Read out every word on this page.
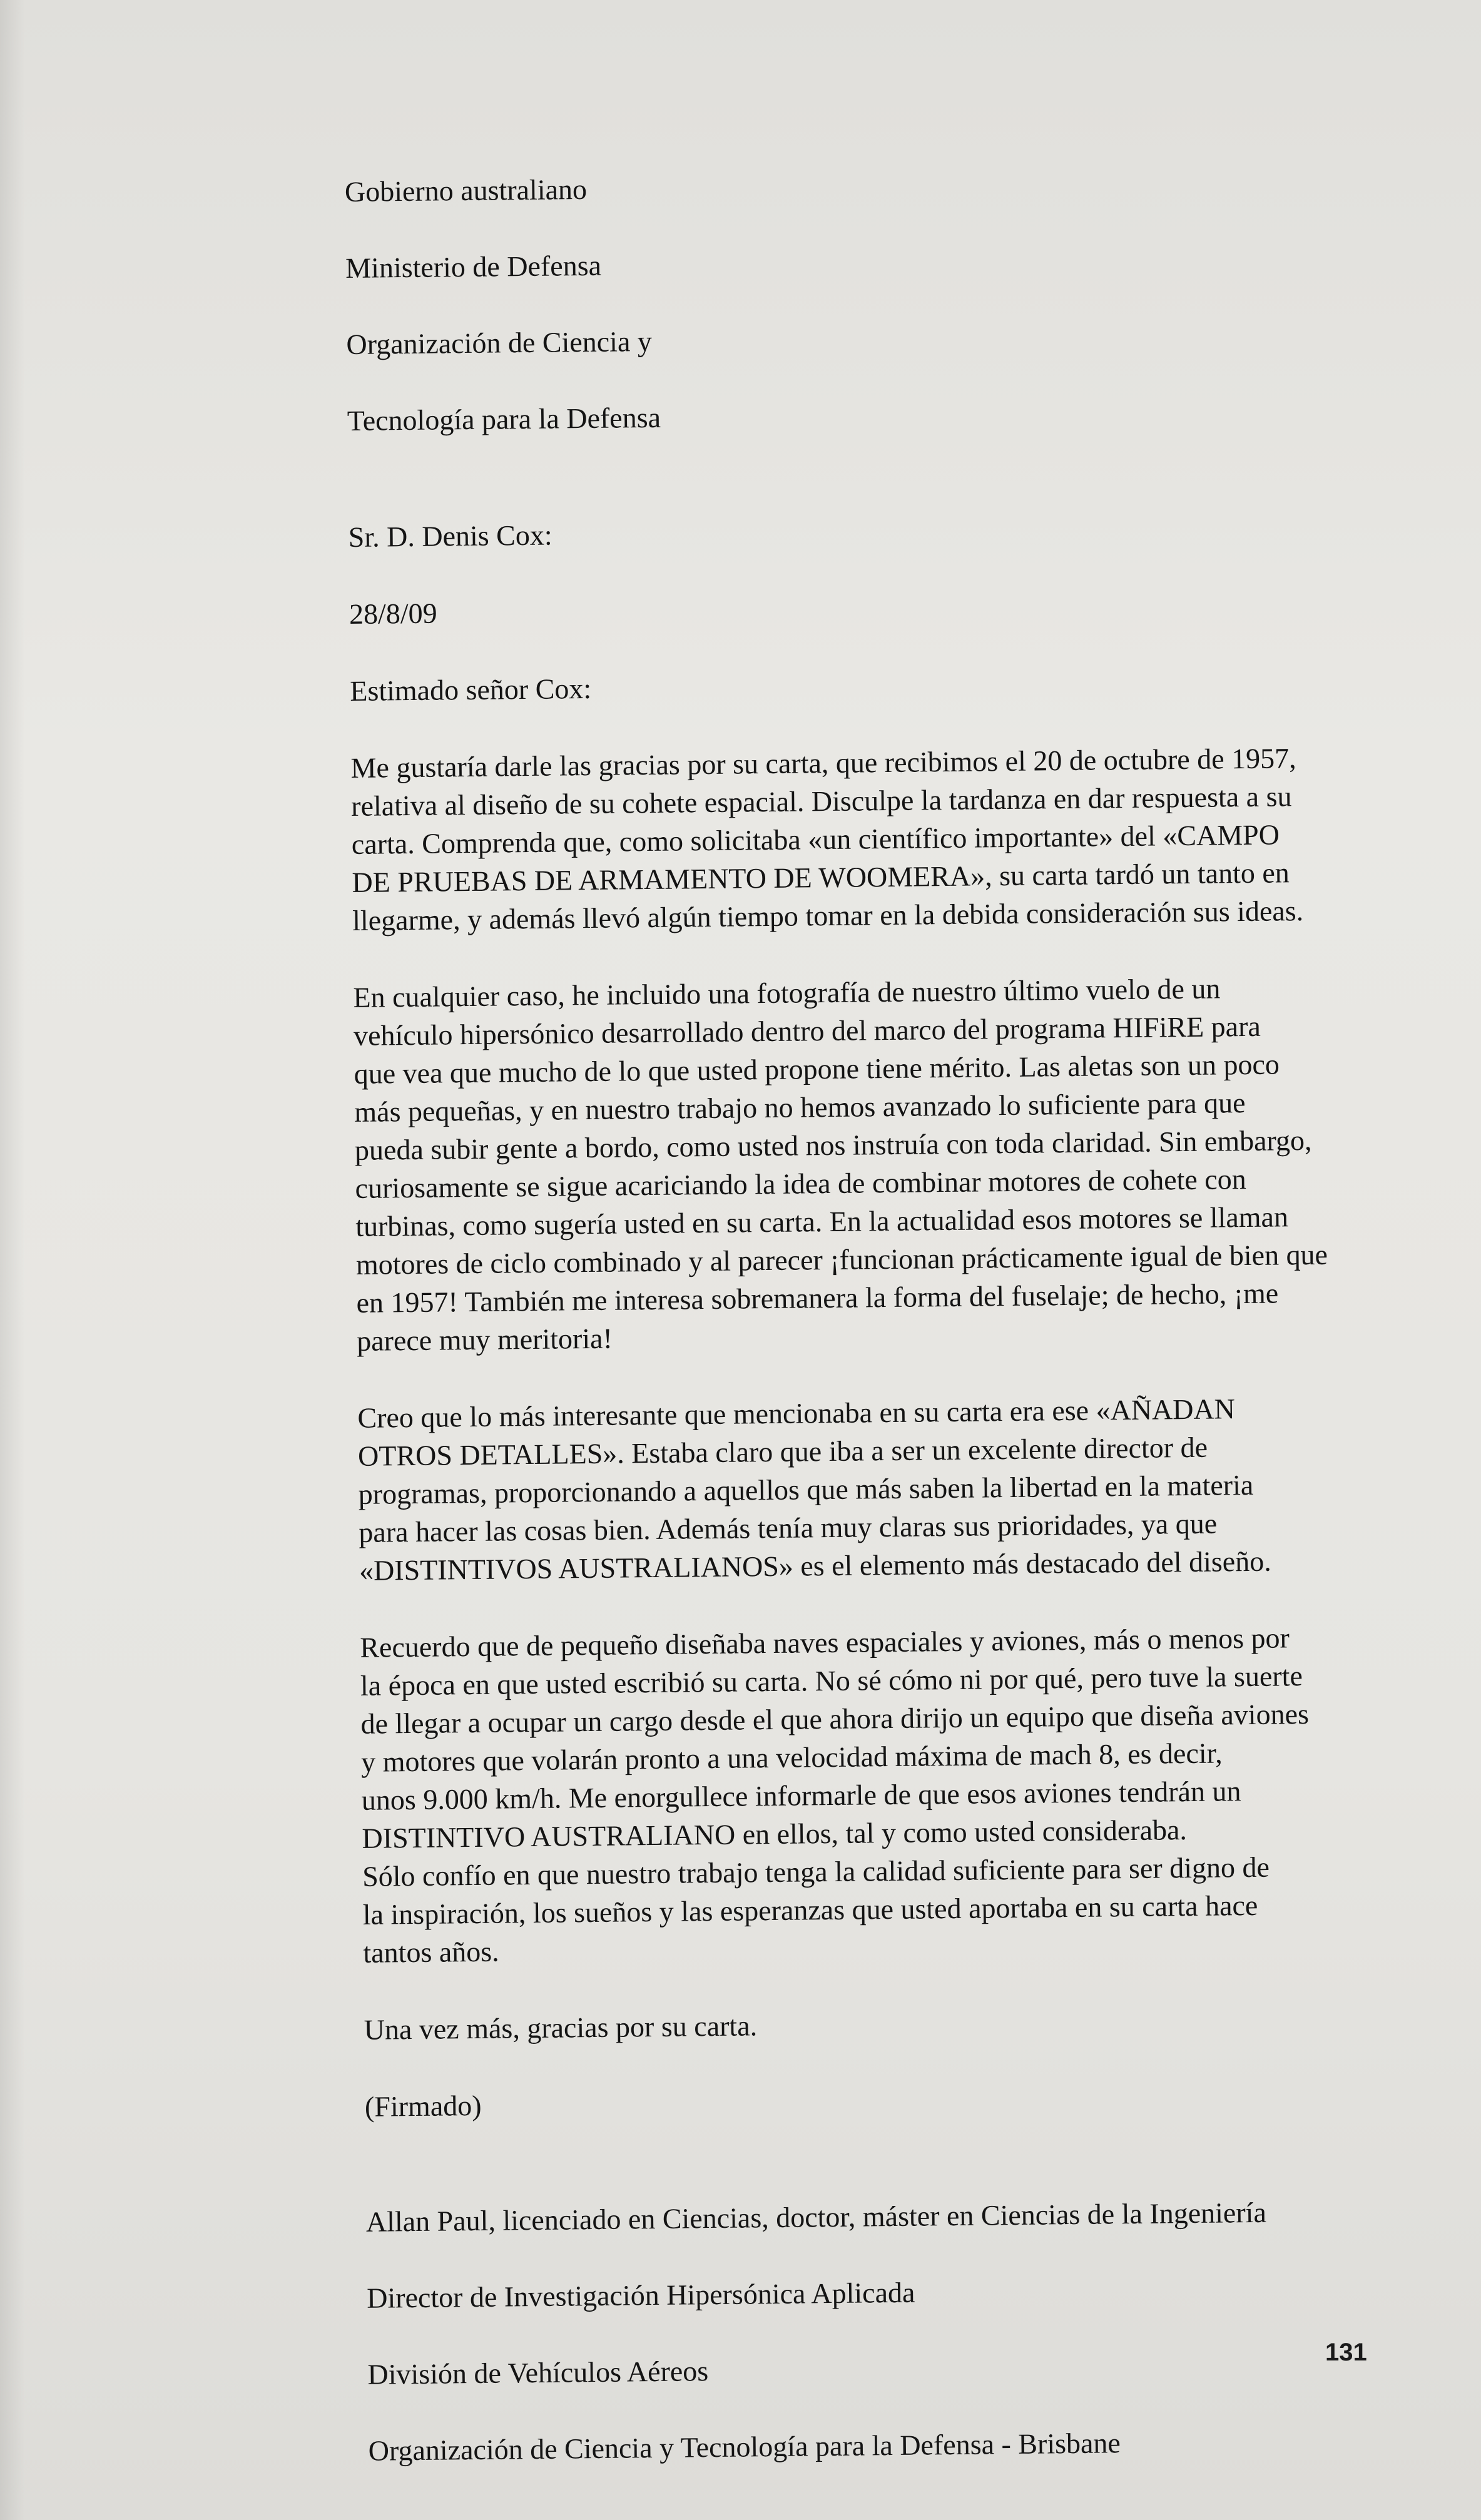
Gobierno australiano

Ministerio de Defensa

Organización de Ciencia y

Tecnología para la Defensa

Sr. D. Denis Cox:

28/8/09

Estimado señor Cox:

Me gustaría darle las gracias por su carta, que recibimos el 20 de octubre de 1957,
relativa al diseño de su cohete espacial. Disculpe la tardanza en dar respuesta a su
carta. Comprenda que, como solicitaba «un científico importante» del «CAMPO
DE PRUEBAS DE ARMAMENTO DE WOOMERA», su carta tardó un tanto en
llegarme, y además llevó algún tiempo tomar en la debida consideración sus ideas.

En cualquier caso, he incluido una fotografía de nuestro último vuelo de un
vehículo hipersónico desarrollado dentro del marco del programa HIFiRE para
que vea que mucho de lo que usted propone tiene mérito. Las aletas son un poco
más pequeñas, y en nuestro trabajo no hemos avanzado lo suficiente para que
pueda subir gente a bordo, como usted nos instruía con toda claridad. Sin embargo,
curiosamente se sigue acariciando la idea de combinar motores de cohete con
turbinas, como sugería usted en su carta. En la actualidad esos motores se llaman
motores de ciclo combinado y al parecer ¡funcionan prácticamente igual de bien que
en 1957! También me interesa sobremanera la forma del fuselaje; de hecho, ¡me
parece muy meritoria!

Creo que lo más interesante que mencionaba en su carta era ese «AÑADAN
OTROS DETALLES». Estaba claro que iba a ser un excelente director de
programas, proporcionando a aquellos que más saben la libertad en la materia
para hacer las cosas bien. Además tenía muy claras sus prioridades, ya que
«DISTINTIVOS AUSTRALIANOS» es el elemento más destacado del diseño.

Recuerdo que de pequeño diseñaba naves espaciales y aviones, más o menos por
la época en que usted escribió su carta. No sé cómo ni por qué, pero tuve la suerte
de llegar a ocupar un cargo desde el que ahora dirijo un equipo que diseña aviones
y motores que volarán pronto a una velocidad máxima de mach 8, es decir,
unos 9.000 km/h. Me enorgullece informarle de que esos aviones tendrán un
DISTINTIVO AUSTRALIANO en ellos, tal y como usted consideraba.
Sólo confío en que nuestro trabajo tenga la calidad suficiente para ser digno de
la inspiración, los sueños y las esperanzas que usted aportaba en su carta hace
tantos años.

Una vez más, gracias por su carta.

(Firmado)

Allan Paul, licenciado en Ciencias, doctor, máster en Ciencias de la Ingeniería

Director de Investigación Hipersónica Aplicada

División de Vehículos Aéreos

Organización de Ciencia y Tecnología para la Defensa - Brisbane

131
